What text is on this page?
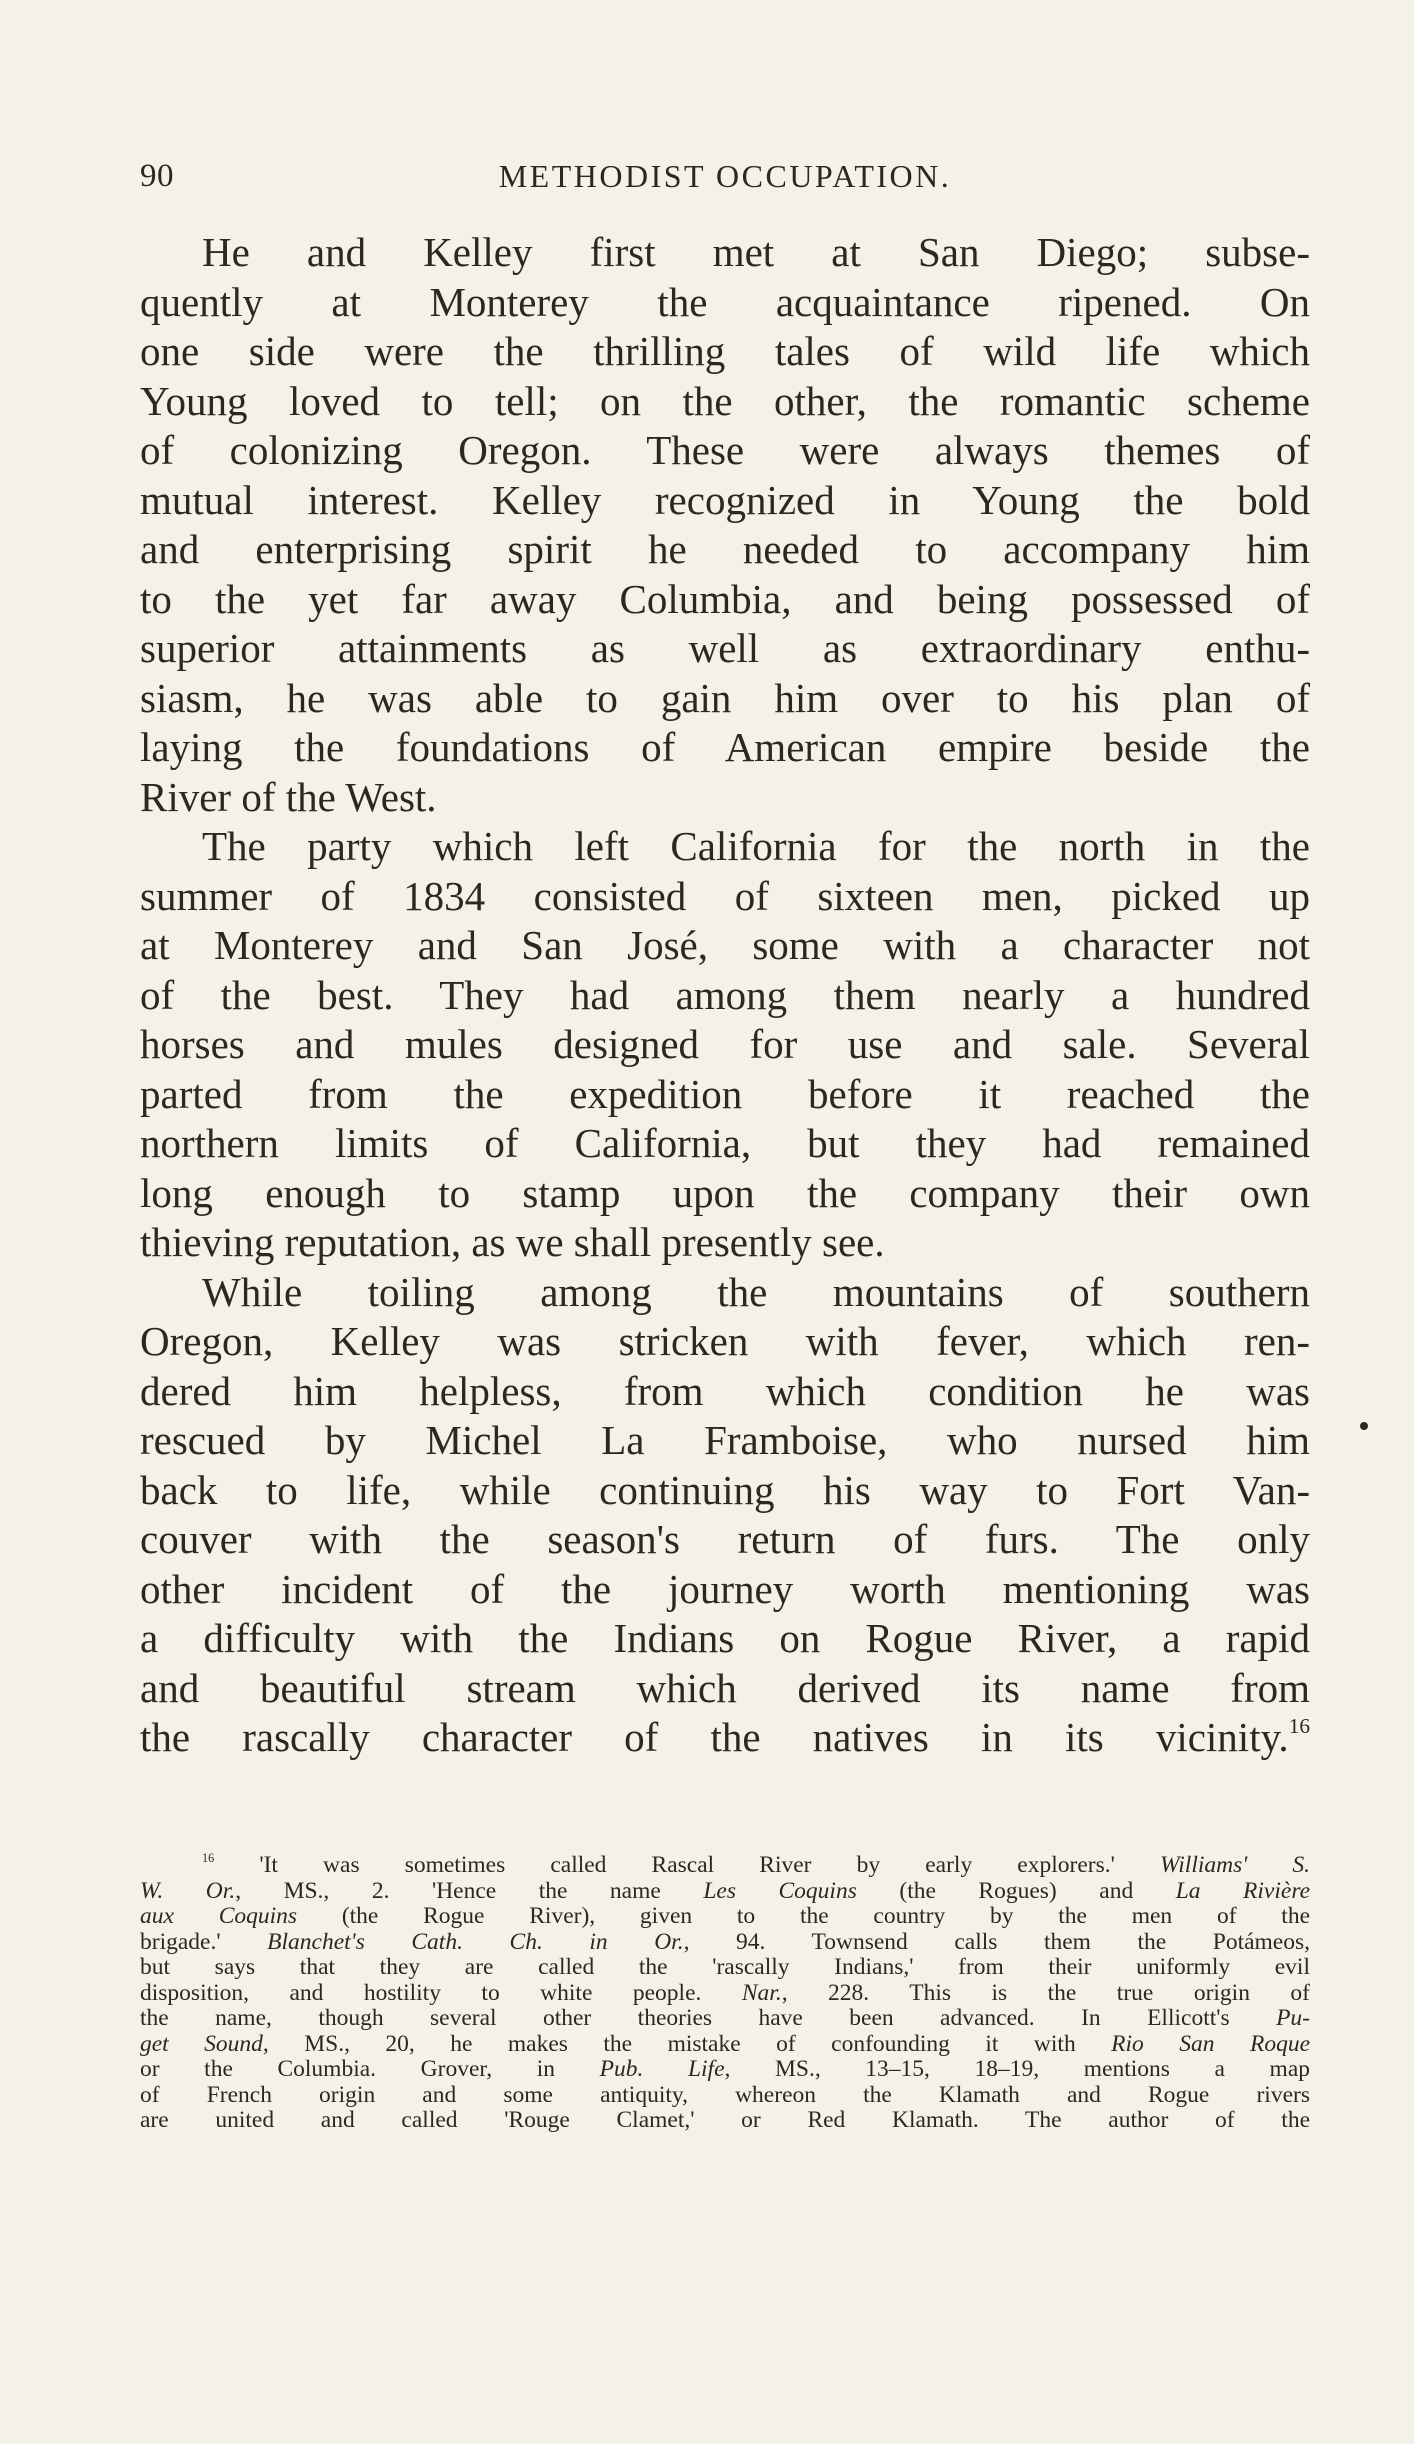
90	METHODIST OCCUPATION.
He and Kelley first met at San Diego; subse-
quently at Monterey the acquaintance ripened. On
one side were the thrilling tales of wild life which
Young loved to tell; on the other, the romantic scheme
of colonizing Oregon. These were always themes of
mutual interest. Kelley recognized in Young the bold
and enterprising spirit he needed to accompany him
to the yet far away Columbia, and being possessed of
superior attainments as well as extraordinary enthu-
siasm, he was able to gain him over to his plan of
laying the foundations of American empire beside the
River of the West.
The party which left California for the north in the
summer of 1834 consisted of sixteen men, picked up
at Monterey and San José, some with a character not
of the best. They had among them nearly a hundred
horses and mules designed for use and sale. Several
parted from the expedition before it reached the
northern limits of California, but they had remained
long enough to stamp upon the company their own
thieving reputation, as we shall presently see.
While toiling among the mountains of southern
Oregon, Kelley was stricken with fever, which ren-
dered him helpless, from which condition he was
rescued by Michel La Framboise, who nursed him
back to life, while continuing his way to Fort Van-
couver with the season's return of furs. The only
other incident of the journey worth mentioning was
a difficulty with the Indians on Rogue River, a rapid
and beautiful stream which derived its name from
the rascally character of the natives in its vicinity.$^{16}$
$^{16}$ 'It was sometimes called Rascal River by early explorers.' Williams' S.
W. Or., MS., 2. 'Hence the name Les Coquins (the Rogues) and La Rivière
aux Coquins (the Rogue River), given to the country by the men of the
brigade.' Blanchet's Cath. Ch. in Or., 94. Townsend calls them the Potámeos,
but says that they are called the 'rascally Indians,' from their uniformly evil
disposition, and hostility to white people. Nar., 228. This is the true origin of
the name, though several other theories have been advanced. In Ellicott's Pu-
get Sound, MS., 20, he makes the mistake of confounding it with Rio San Roque
or the Columbia. Grover, in Pub. Life, MS., 13–15, 18–19, mentions a map
of French origin and some antiquity, whereon the Klamath and Rogue rivers
are united and called 'Rouge Clamet,' or Red Klamath. The author of the
